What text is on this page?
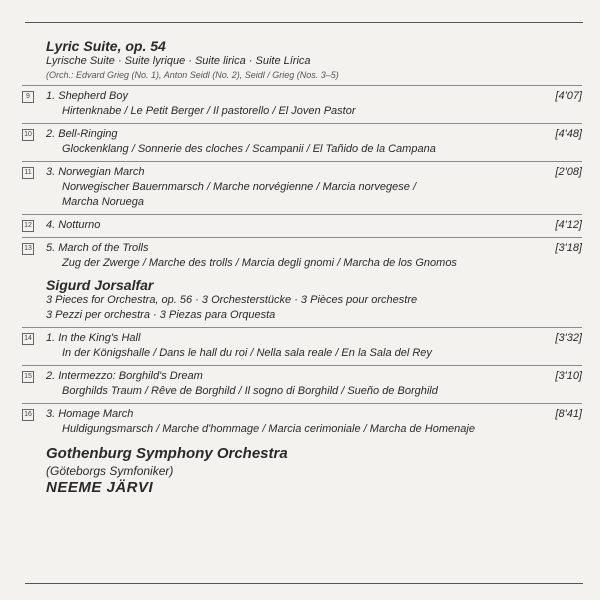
Lyric Suite, op. 54
Lyrische Suite · Suite lyrique · Suite lirica · Suite Lírica
(Orch.: Edvard Grieg (No. 1), Anton Seidl (No. 2), Seidl / Grieg (Nos. 3–5)
9	1. Shepherd Boy	[4'07]
Hirtenknabe / Le Petit Berger / Il pastorello / El Joven Pastor
10 2. Bell-Ringing	[4'48]
Glockenklang / Sonnerie des cloches / Scampanii / El Tañido de la Campana
11 3. Norwegian March	[2'08]
Norwegischer Bauernmarsch / Marche norvégienne / Marcia norvegese /
Marcha Noruega
12 4. Notturno	[4'12]
13 5. March of the Trolls	[3'18]
Zug der Zwerge / Marche des trolls / Marcia degli gnomi / Marcha de los Gnomos
Sigurd Jorsalfar
3 Pieces for Orchestra, op. 56 · 3 Orchesterstücke · 3 Pièces pour orchestre
3 Pezzi per orchestra · 3 Piezas para Orquesta
14 1. In the King's Hall	[3'32]
In der Königshalle / Dans le hall du roi / Nella sala reale / En la Sala del Rey
15 2. Intermezzo: Borghild's Dream	[3'10]
Borghilds Traum / Rêve de Borghild / Il sogno di Borghild / Sueño de Borghild
16 3. Homage March	[8'41]
Huldigungsmarsch / Marche d'hommage / Marcia cerimoniale / Marcha de Homenaje
Gothenburg Symphony Orchestra
(Göteborgs Symfoniker)
NEEME JÄRVI
